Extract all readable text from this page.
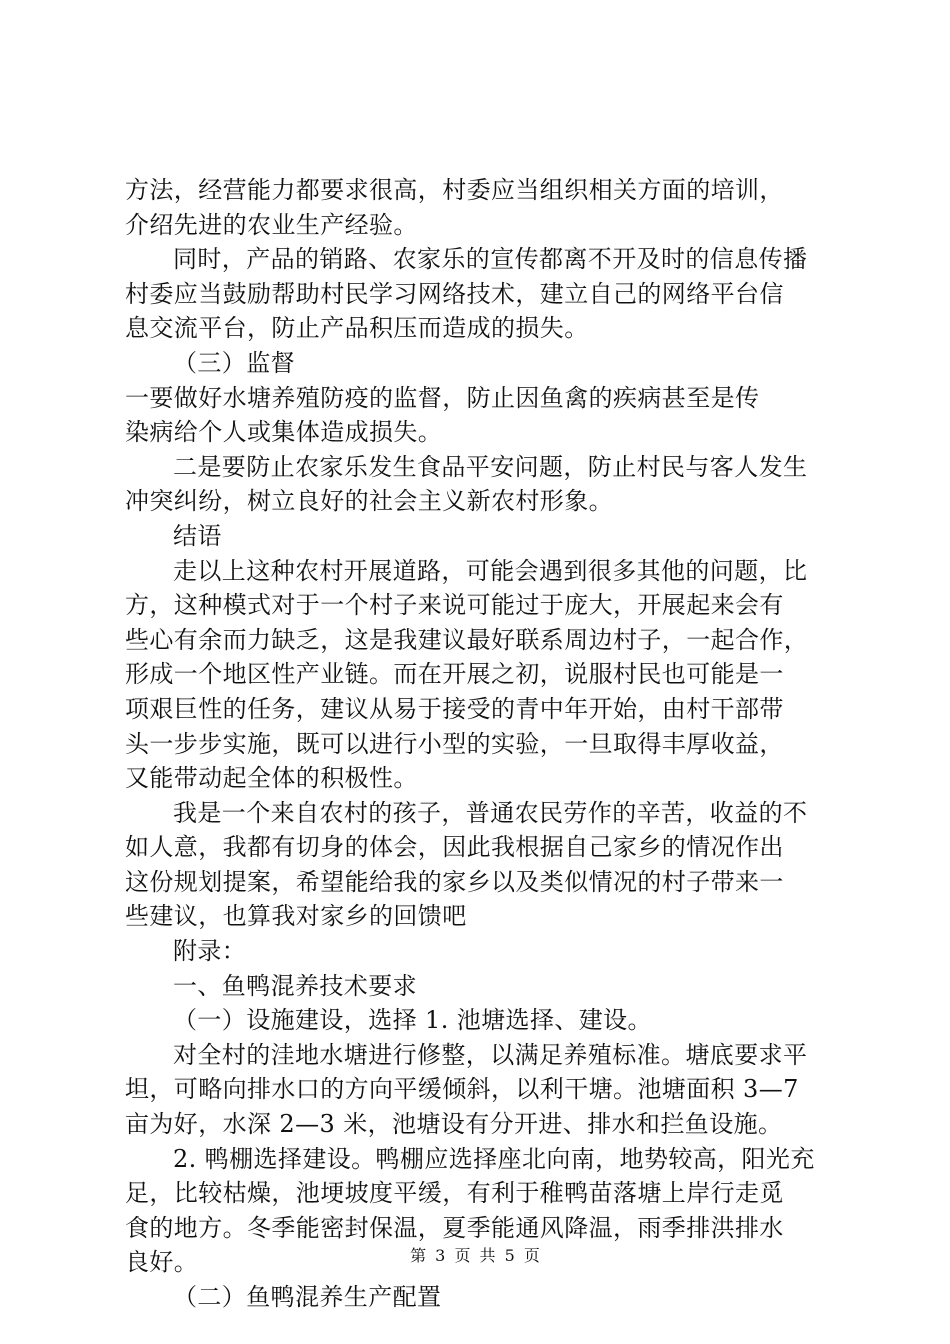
方法，经营能力都要求很高，村委应当组织相关方面的培训，
介绍先进的农业生产经验。
同时，产品的销路、农家乐的宣传都离不开及时的信息传播
村委应当鼓励帮助村民学习网络技术，建立自己的网络平台信
息交流平台，防止产品积压而造成的损失。
（三）监督
一要做好水塘养殖防疫的监督，防止因鱼禽的疾病甚至是传
染病给个人或集体造成损失。
二是要防止农家乐发生食品平安问题，防止村民与客人发生
冲突纠纷，树立良好的社会主义新农村形象。
结语
走以上这种农村开展道路，可能会遇到很多其他的问题，比
方，这种模式对于一个村子来说可能过于庞大，开展起来会有
些心有余而力缺乏，这是我建议最好联系周边村子，一起合作，
形成一个地区性产业链。而在开展之初，说服村民也可能是一
项艰巨性的任务，建议从易于接受的青中年开始，由村干部带
头一步步实施，既可以进行小型的实验，一旦取得丰厚收益，
又能带动起全体的积极性。
我是一个来自农村的孩子，普通农民劳作的辛苦，收益的不
如人意，我都有切身的体会，因此我根据自己家乡的情况作出
这份规划提案，希望能给我的家乡以及类似情况的村子带来一
些建议，也算我对家乡的回馈吧
附录：
一、鱼鸭混养技术要求
（一）设施建设，选择 1. 池塘选择、建设。
对全村的洼地水塘进行修整，以满足养殖标准。塘底要求平
坦，可略向排水口的方向平缓倾斜，以利干塘。池塘面积 3—7
亩为好，水深 2—3 米，池塘设有分开进、排水和拦鱼设施。
2. 鸭棚选择建设。鸭棚应选择座北向南，地势较高，阳光充
足，比较枯燥，池埂坡度平缓，有利于稚鸭苗落塘上岸行走觅
食的地方。冬季能密封保温，夏季能通风降温，雨季排洪排水
良好。
（二）鱼鸭混养生产配置
第 3 页 共 5 页
